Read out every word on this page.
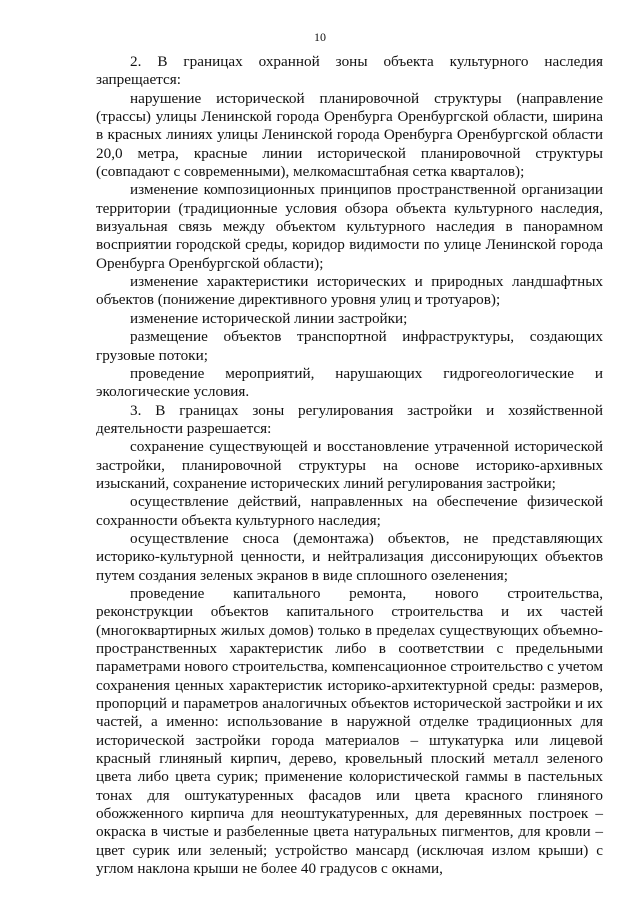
10

2. В границах охранной зоны объекта культурного наследия запрещается:

нарушение исторической планировочной структуры (направление (трассы) улицы Ленинской города Оренбурга Оренбургской области, ширина в красных линиях улицы Ленинской города Оренбурга Оренбургской области 20,0 метра, красные линии исторической планировочной структуры (совпадают с современными), мелкомасштабная сетка кварталов);

изменение композиционных принципов пространственной организации территории (традиционные условия обзора объекта культурного наследия, визуальная связь между объектом культурного наследия в панорамном восприятии городской среды, коридор видимости по улице Ленинской города Оренбурга Оренбургской области);

изменение характеристики исторических и природных ландшафтных объектов (понижение директивного уровня улиц и тротуаров);

изменение исторической линии застройки;

размещение объектов транспортной инфраструктуры, создающих грузовые потоки;

проведение мероприятий, нарушающих гидрогеологические и экологические условия.

3. В границах зоны регулирования застройки и хозяйственной деятельности разрешается:

сохранение существующей и восстановление утраченной исторической застройки, планировочной структуры на основе историко-архивных изысканий, сохранение исторических линий регулирования застройки;

осуществление действий, направленных на обеспечение физической сохранности объекта культурного наследия;

осуществление сноса (демонтажа) объектов, не представляющих историко-культурной ценности, и нейтрализация диссонирующих объектов путем создания зеленых экранов в виде сплошного озеленения;

проведение капитального ремонта, нового строительства, реконструкции объектов капитального строительства и их частей (многоквартирных жилых домов) только в пределах существующих объемно-пространственных характеристик либо в соответствии с предельными параметрами нового строительства, компенсационное строительство с учетом сохранения ценных характеристик историко-архитектурной среды: размеров, пропорций и параметров аналогичных объектов исторической застройки и их частей, а именно: использование в наружной отделке традиционных для исторической застройки города материалов – штукатурка или лицевой красный глиняный кирпич, дерево, кровельный плоский металл зеленого цвета либо цвета сурик; применение колористической гаммы в пастельных тонах для оштукатуренных фасадов или цвета красного глиняного обожженного кирпича для неоштукатуренных, для деревянных построек – окраска в чистые и разбеленные цвета натуральных пигментов, для кровли – цвет сурик или зеленый; устройство мансард (исключая излом крыши) с углом наклона крыши не более 40 градусов с окнами,
